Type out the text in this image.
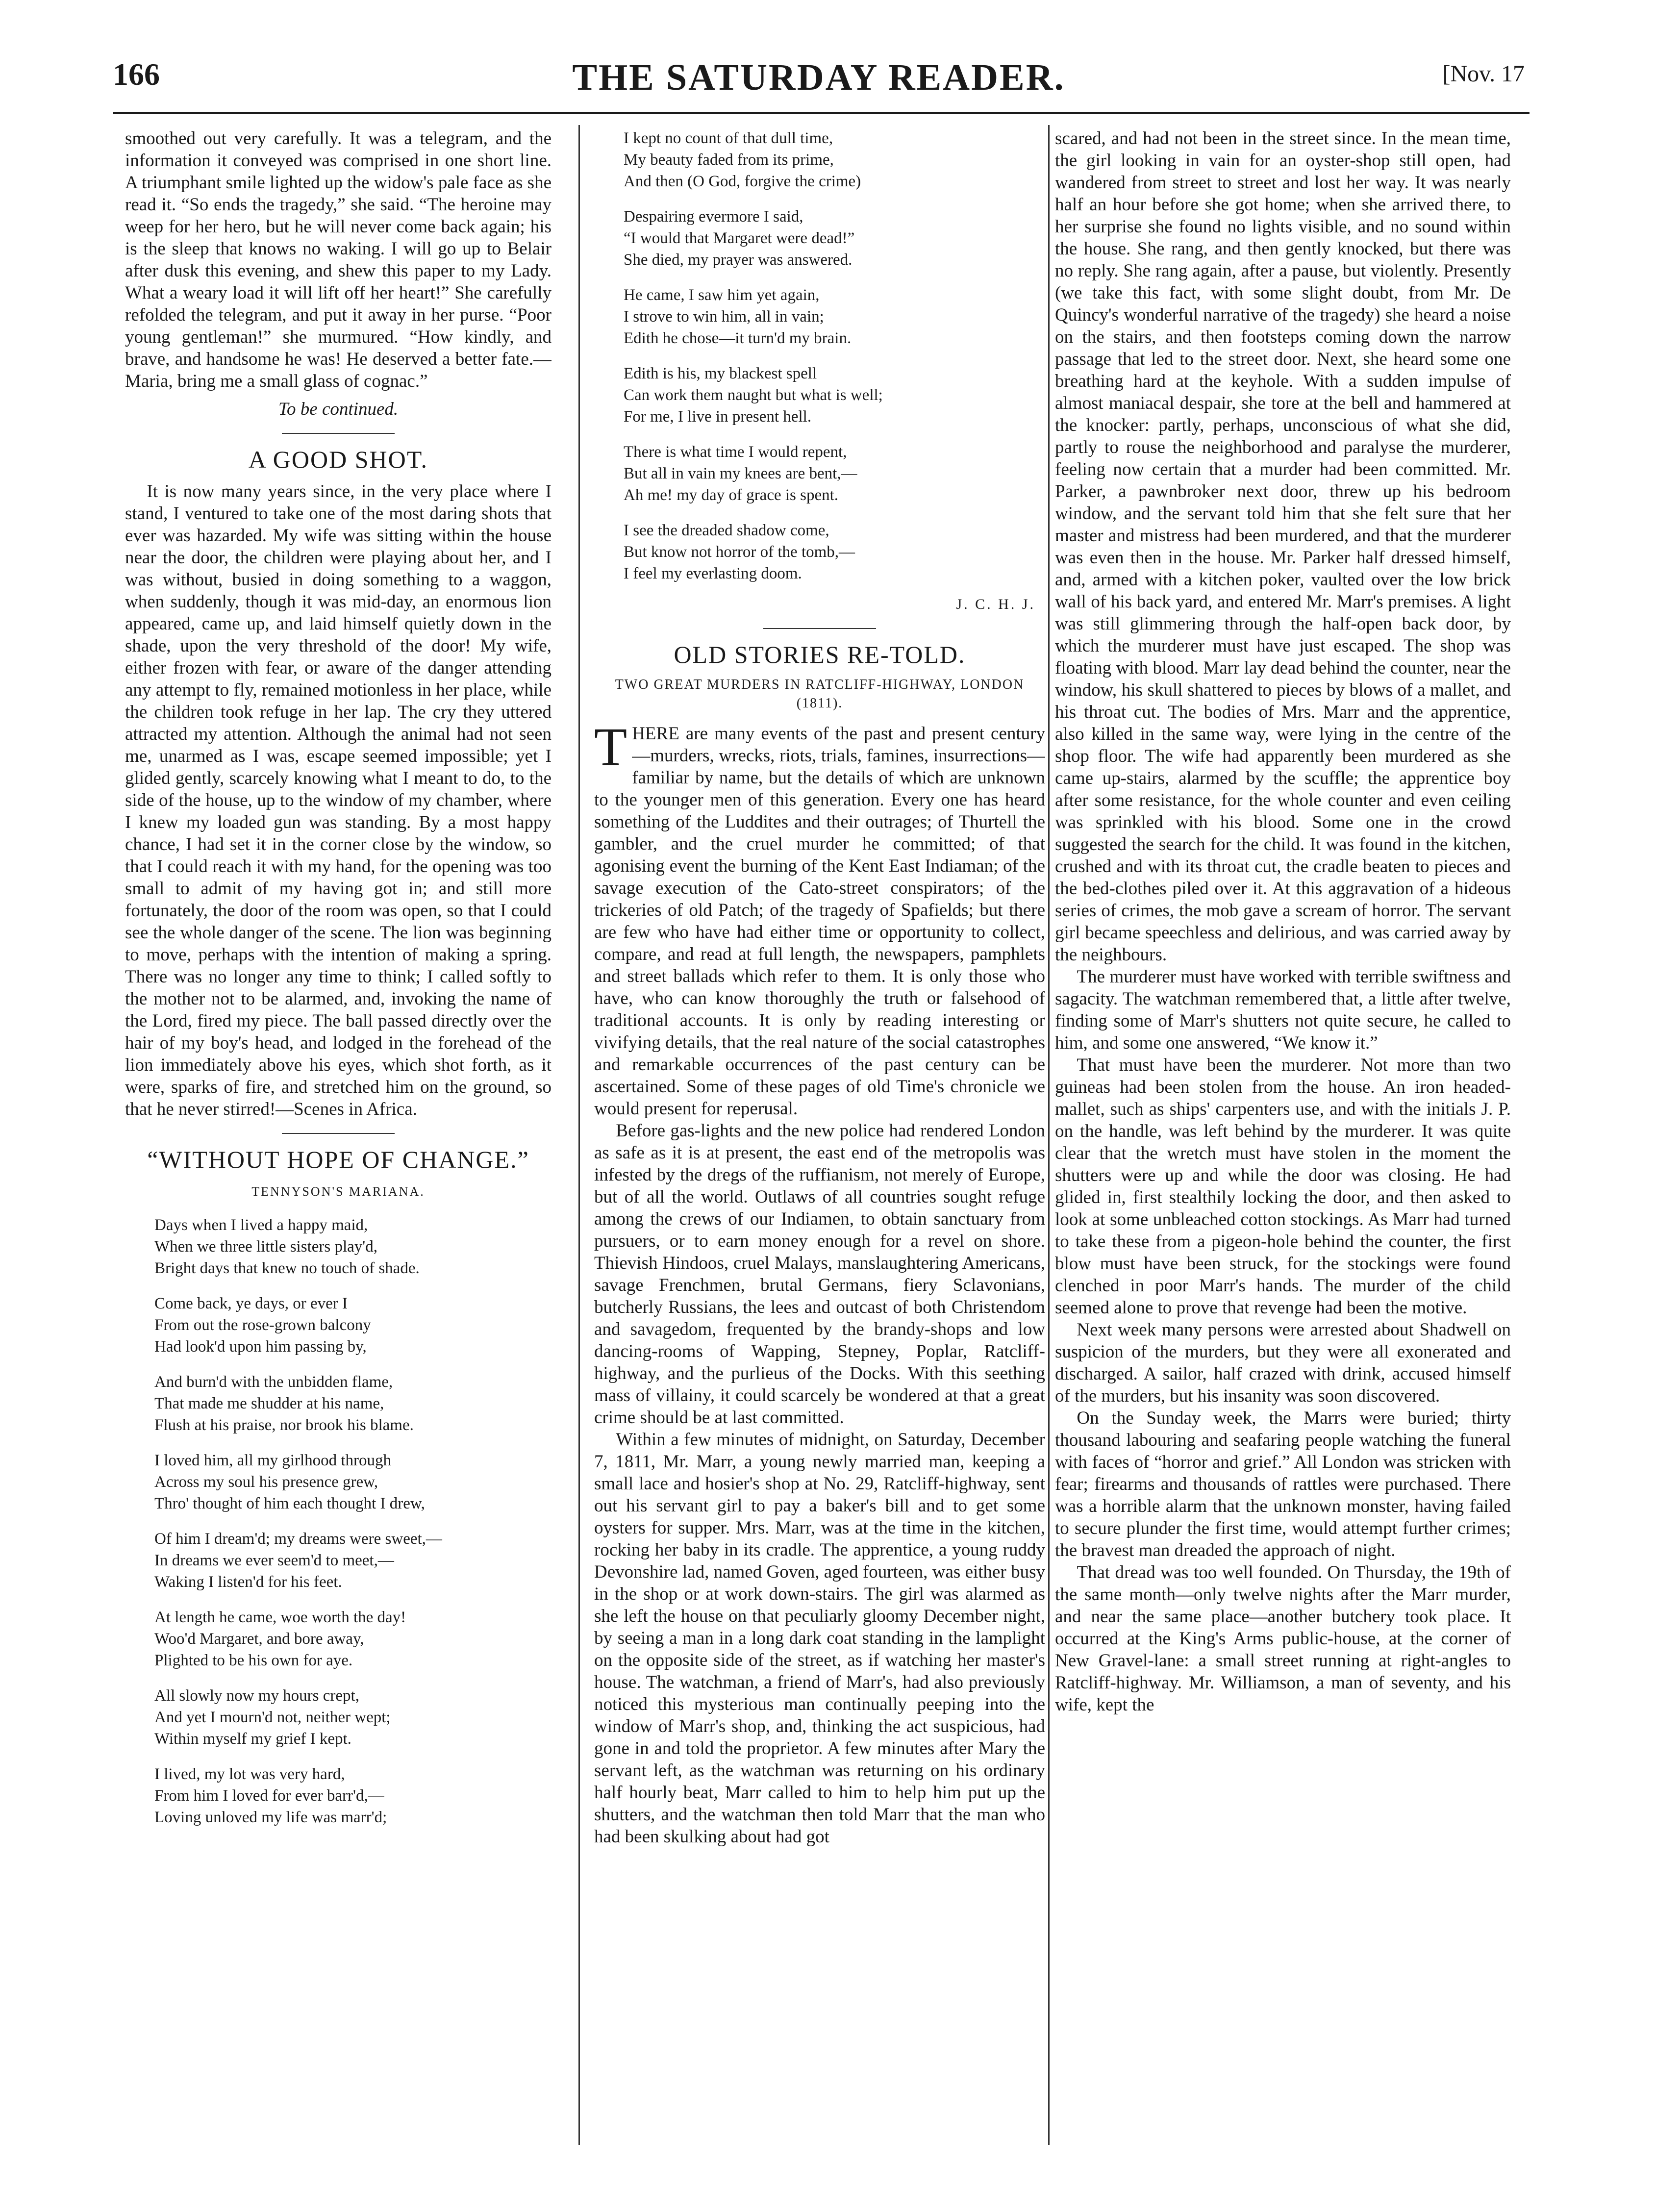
166	THE SATURDAY READER.	[Nov. 17

smoothed out very carefully. It was a telegram, and the information it conveyed was comprised in one short line. A triumphant smile lighted up the widow's pale face as she read it. “So ends the tragedy,” she said. “The heroine may weep for her hero, but he will never come back again; his is the sleep that knows no waking. I will go up to Belair after dusk this evening, and shew this paper to my Lady. What a weary load it will lift off her heart!” She carefully refolded the telegram, and put it away in her purse. “Poor young gentleman!” she murmured. “How kindly, and brave, and handsome he was! He deserved a better fate.—Maria, bring me a small glass of cognac.”

To be continued.

A GOOD SHOT.

It is now many years since, in the very place where I stand, I ventured to take one of the most daring shots that ever was hazarded. My wife was sitting within the house near the door, the children were playing about her, and I was without, busied in doing something to a waggon, when suddenly, though it was mid-day, an enormous lion appeared, came up, and laid himself quietly down in the shade, upon the very threshold of the door! My wife, either frozen with fear, or aware of the danger attending any attempt to fly, remained motionless in her place, while the children took refuge in her lap. The cry they uttered attracted my attention. Although the animal had not seen me, unarmed as I was, escape seemed impossible; yet I glided gently, scarcely knowing what I meant to do, to the side of the house, up to the window of my chamber, where I knew my loaded gun was standing. By a most happy chance, I had set it in the corner close by the window, so that I could reach it with my hand, for the opening was too small to admit of my having got in; and still more fortunately, the door of the room was open, so that I could see the whole danger of the scene. The lion was beginning to move, perhaps with the intention of making a spring. There was no longer any time to think; I called softly to the mother not to be alarmed, and, invoking the name of the Lord, fired my piece. The ball passed directly over the hair of my boy's head, and lodged in the forehead of the lion immediately above his eyes, which shot forth, as it were, sparks of fire, and stretched him on the ground, so that he never stirred!—Scenes in Africa.

“WITHOUT HOPE OF CHANGE.”
TENNYSON'S MARIANA.
Days when I lived a happy maid,
When we three little sisters play'd,
Bright days that knew no touch of shade.
Come back, ye days, or ever I
From out the rose-grown balcony
Had look'd upon him passing by,
And burn'd with the unbidden flame,
That made me shudder at his name,
Flush at his praise, nor brook his blame.
I loved him, all my girlhood through
Across my soul his presence grew,
Thro' thought of him each thought I drew,
Of him I dream'd; my dreams were sweet,—
In dreams we ever seem'd to meet,—
Waking I listen'd for his feet.
At length he came, woe worth the day!
Woo'd Margaret, and bore away,
Plighted to be his own for aye.
All slowly now my hours crept,
And yet I mourn'd not, neither wept;
Within myself my grief I kept.
I lived, my lot was very hard,
From him I loved for ever barr'd,—
Loving unloved my life was marr'd;
I kept no count of that dull time,
My beauty faded from its prime,
And then (O God, forgive the crime)
Despairing evermore I said,
“I would that Margaret were dead!”
She died, my prayer was answered.
He came, I saw him yet again,
I strove to win him, all in vain;
Edith he chose—it turn'd my brain.
Edith is his, my blackest spell
Can work them naught but what is well;
For me, I live in present hell.
There is what time I would repent,
But all in vain my knees are bent,—
Ah me! my day of grace is spent.
I see the dreaded shadow come,
But know not horror of the tomb,—
I feel my everlasting doom.
J. C. H. J.
OLD STORIES RE-TOLD.
TWO GREAT MURDERS IN RATCLIFF-HIGHWAY, LONDON (1811).

THERE are many events of the past and present century—murders, wrecks, riots, trials, famines, insurrections—familiar by name, but the details of which are unknown to the younger men of this generation. Every one has heard something of the Luddites and their outrages; of Thurtell the gambler, and the cruel murder he committed; of that agonising event the burning of the Kent East Indiaman; of the savage execution of the Cato-street conspirators; of the trickeries of old Patch; of the tragedy of Spafields; but there are few who have had either time or opportunity to collect, compare, and read at full length, the newspapers, pamphlets and street ballads which refer to them. It is only those who have, who can know thoroughly the truth or falsehood of traditional accounts. It is only by reading interesting or vivifying details, that the real nature of the social catastrophes and remarkable occurrences of the past century can be ascertained. Some of these pages of old Time's chronicle we would present for reperusal.

Before gas-lights and the new police had rendered London as safe as it is at present, the east end of the metropolis was infested by the dregs of the ruffianism, not merely of Europe, but of all the world. Outlaws of all countries sought refuge among the crews of our Indiamen, to obtain sanctuary from pursuers, or to earn money enough for a revel on shore. Thievish Hindoos, cruel Malays, manslaughtering Americans, savage Frenchmen, brutal Germans, fiery Sclavonians, butcherly Russians, the lees and outcast of both Christendom and savagedom, frequented by the brandy-shops and low dancing-rooms of Wapping, Stepney, Poplar, Ratcliff-highway, and the purlieus of the Docks. With this seething mass of villainy, it could scarcely be wondered at that a great crime should be at last committed.

Within a few minutes of midnight, on Saturday, December 7, 1811, Mr. Marr, a young newly married man, keeping a small lace and hosier's shop at No. 29, Ratcliff-highway, sent out his servant girl to pay a baker's bill and to get some oysters for supper. Mrs. Marr, was at the time in the kitchen, rocking her baby in its cradle. The apprentice, a young ruddy Devonshire lad, named Goven, aged fourteen, was either busy in the shop or at work down-stairs. The girl was alarmed as she left the house on that peculiarly gloomy December night, by seeing a man in a long dark coat standing in the lamplight on the opposite side of the street, as if watching her master's house. The watchman, a friend of Marr's, had also previously noticed this mysterious man continually peeping into the window of Marr's shop, and, thinking the act suspicious, had gone in and told the proprietor. A few minutes after Mary the servant left, as the watchman was returning on his ordinary half hourly beat, Marr called to him to help him put up the shutters, and the watchman then told Marr that the man who had been skulking about had got

scared, and had not been in the street since. In the mean time, the girl looking in vain for an oyster-shop still open, had wandered from street to street and lost her way. It was nearly half an hour before she got home; when she arrived there, to her surprise she found no lights visible, and no sound within the house. She rang, and then gently knocked, but there was no reply. She rang again, after a pause, but violently. Presently (we take this fact, with some slight doubt, from Mr. De Quincy's wonderful narrative of the tragedy) she heard a noise on the stairs, and then footsteps coming down the narrow passage that led to the street door. Next, she heard some one breathing hard at the keyhole. With a sudden impulse of almost maniacal despair, she tore at the bell and hammered at the knocker: partly, perhaps, unconscious of what she did, partly to rouse the neighborhood and paralyse the murderer, feeling now certain that a murder had been committed. Mr. Parker, a pawnbroker next door, threw up his bedroom window, and the servant told him that she felt sure that her master and mistress had been murdered, and that the murderer was even then in the house. Mr. Parker half dressed himself, and, armed with a kitchen poker, vaulted over the low brick wall of his back yard, and entered Mr. Marr's premises. A light was still glimmering through the half-open back door, by which the murderer must have just escaped. The shop was floating with blood. Marr lay dead behind the counter, near the window, his skull shattered to pieces by blows of a mallet, and his throat cut. The bodies of Mrs. Marr and the apprentice, also killed in the same way, were lying in the centre of the shop floor. The wife had apparently been murdered as she came up-stairs, alarmed by the scuffle; the apprentice boy after some resistance, for the whole counter and even ceiling was sprinkled with his blood. Some one in the crowd suggested the search for the child. It was found in the kitchen, crushed and with its throat cut, the cradle beaten to pieces and the bed-clothes piled over it. At this aggravation of a hideous series of crimes, the mob gave a scream of horror. The servant girl became speechless and delirious, and was carried away by the neighbours.

The murderer must have worked with terrible swiftness and sagacity. The watchman remembered that, a little after twelve, finding some of Marr's shutters not quite secure, he called to him, and some one answered, “We know it.”

That must have been the murderer. Not more than two guineas had been stolen from the house. An iron headed-mallet, such as ships' carpenters use, and with the initials J. P. on the handle, was left behind by the murderer. It was quite clear that the wretch must have stolen in the moment the shutters were up and while the door was closing. He had glided in, first stealthily locking the door, and then asked to look at some unbleached cotton stockings. As Marr had turned to take these from a pigeon-hole behind the counter, the first blow must have been struck, for the stockings were found clenched in poor Marr's hands. The murder of the child seemed alone to prove that revenge had been the motive.

Next week many persons were arrested about Shadwell on suspicion of the murders, but they were all exonerated and discharged. A sailor, half crazed with drink, accused himself of the murders, but his insanity was soon discovered.

On the Sunday week, the Marrs were buried; thirty thousand labouring and seafaring people watching the funeral with faces of “horror and grief.” All London was stricken with fear; firearms and thousands of rattles were purchased. There was a horrible alarm that the unknown monster, having failed to secure plunder the first time, would attempt further crimes; the bravest man dreaded the approach of night.

That dread was too well founded. On Thursday, the 19th of the same month—only twelve nights after the Marr murder, and near the same place—another butchery took place. It occurred at the King's Arms public-house, at the corner of New Gravel-lane: a small street running at right-angles to Ratcliff-highway. Mr. Williamson, a man of seventy, and his wife, kept the
